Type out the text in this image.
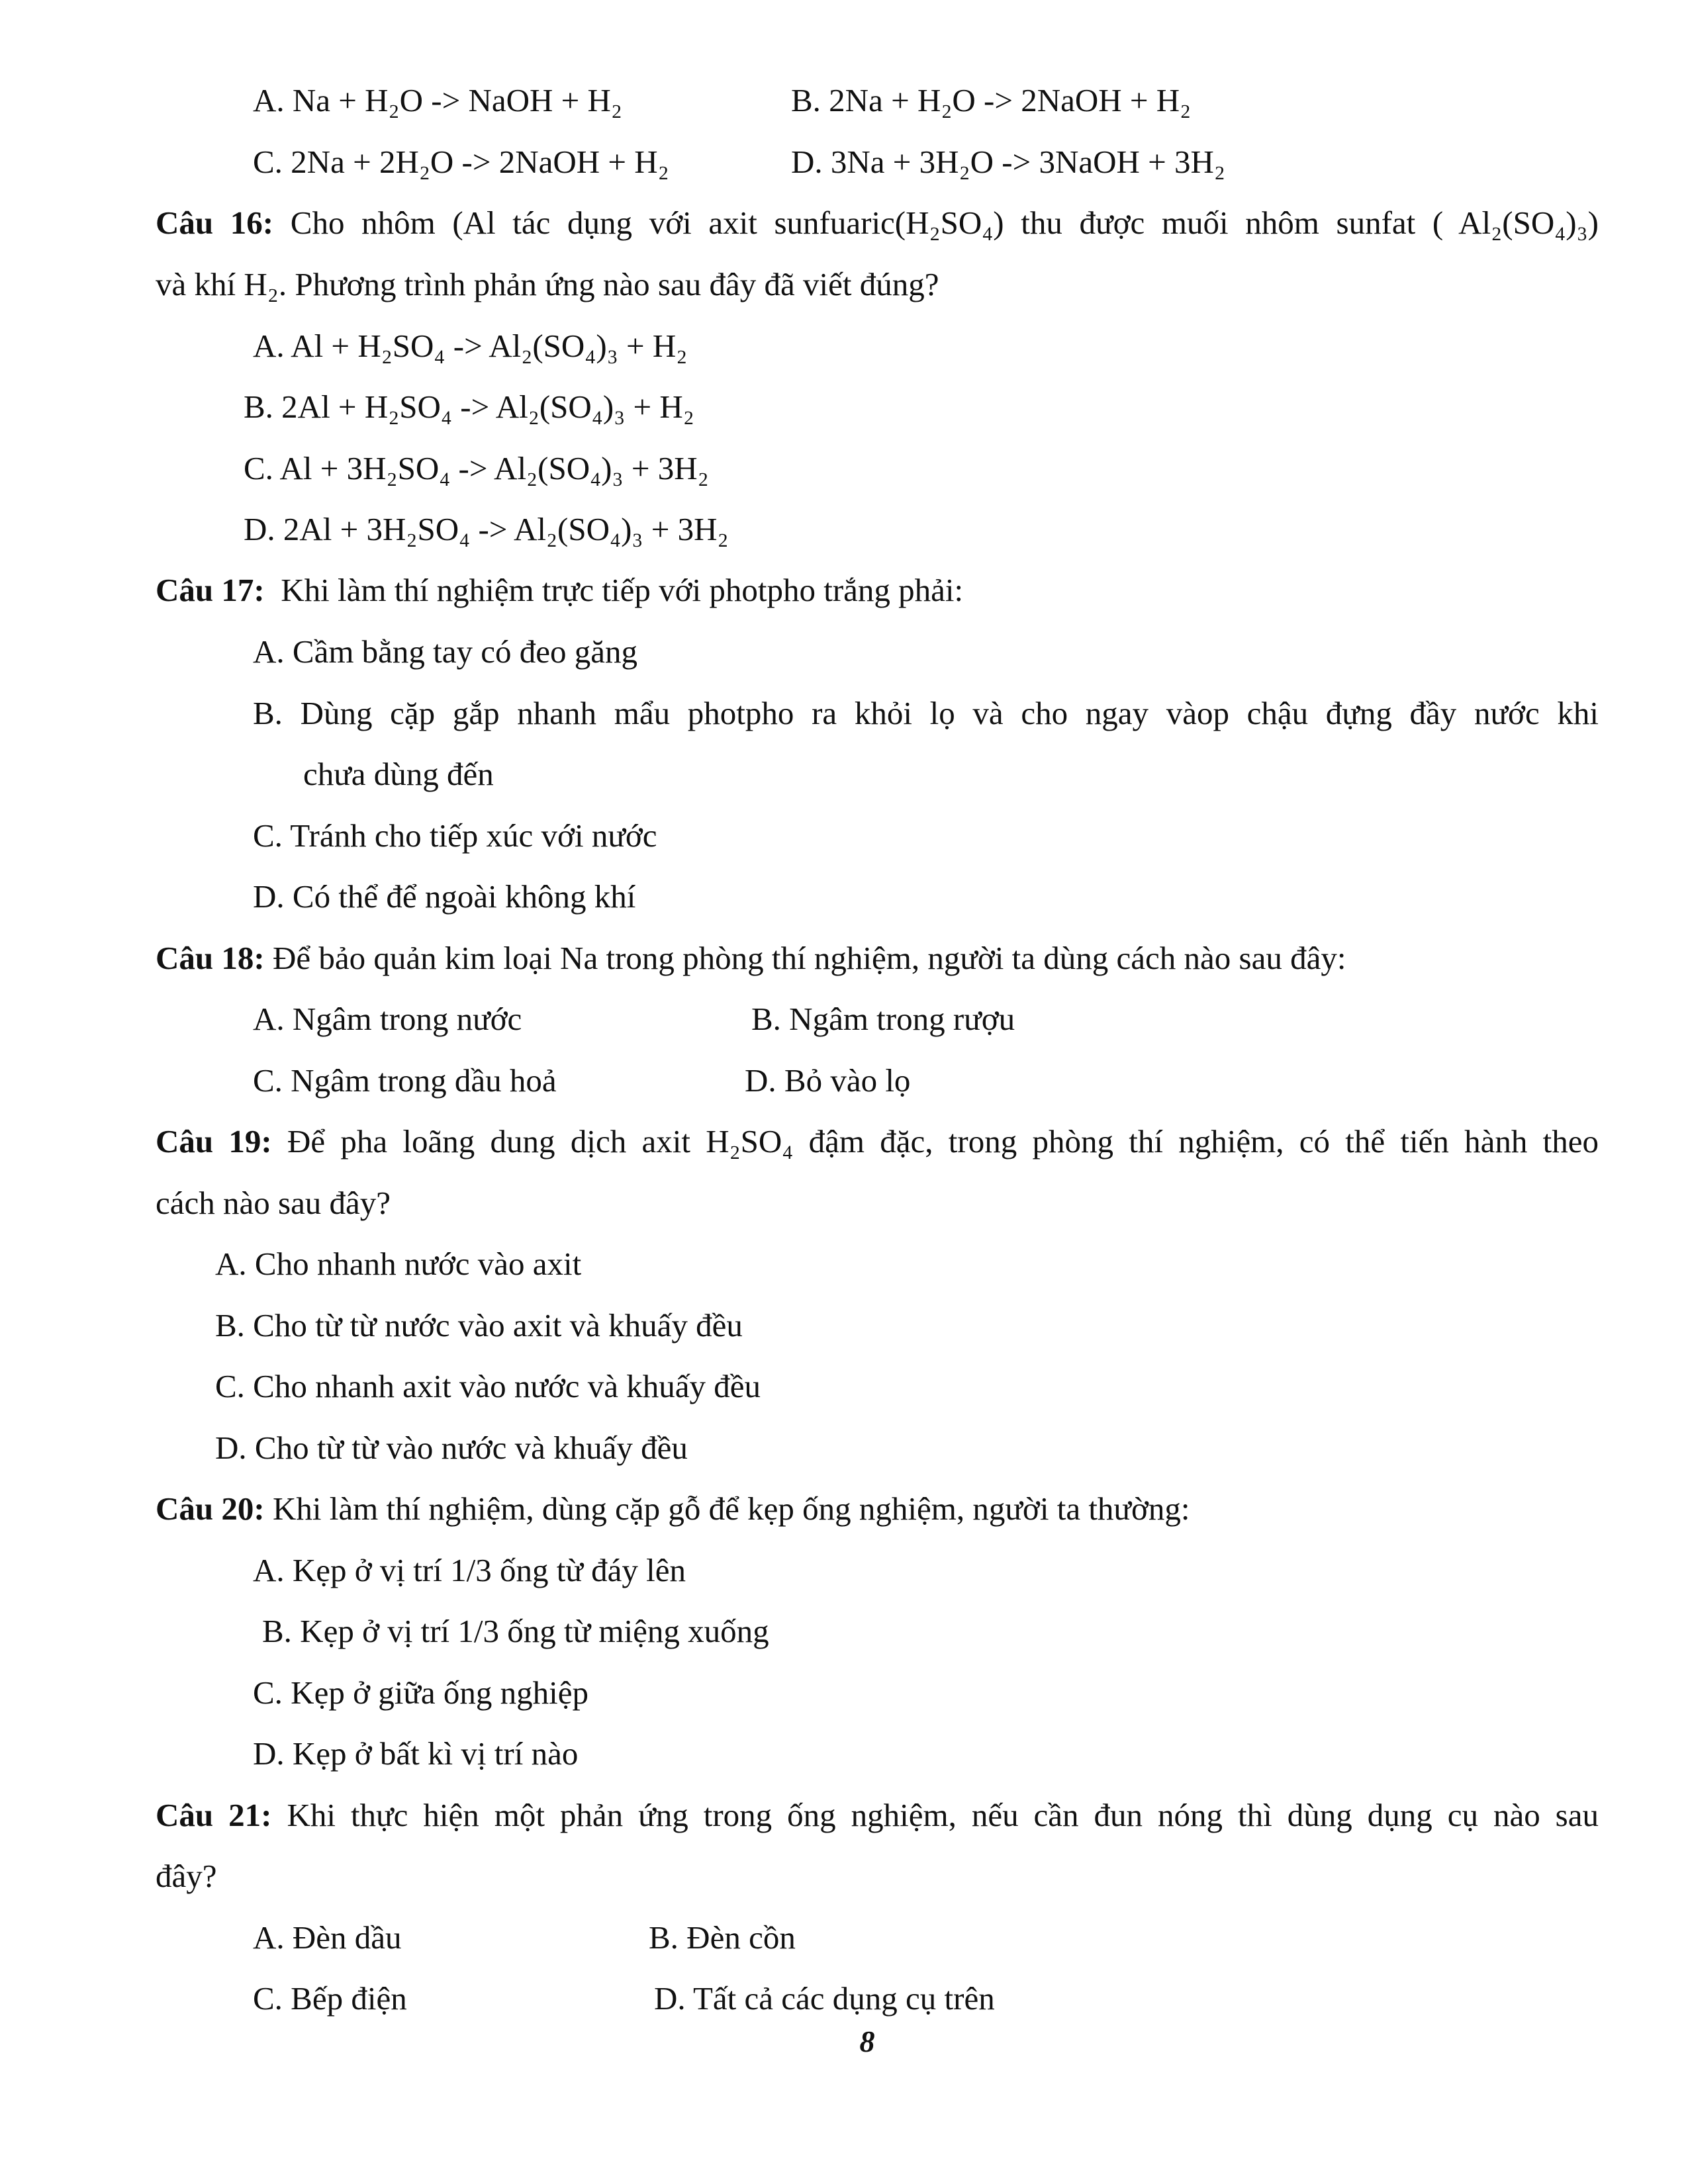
A. Na + H₂O -> NaOH + H₂	B. 2Na + H₂O -> 2NaOH + H₂
C. 2Na + 2H₂O -> 2NaOH + H₂	D. 3Na + 3H₂O -> 3NaOH + 3H₂
Câu 16: Cho nhôm (Al tác dụng với axit sunfuaric(H₂SO₄) thu được muối nhôm sunfat ( Al₂(SO₄)₃)
và khí H₂. Phương trình phản ứng nào sau đây đã viết đúng?
A. Al + H₂SO₄ -> Al₂(SO₄)₃ + H₂
B. 2Al + H₂SO₄ -> Al₂(SO₄)₃ + H₂
C. Al + 3H₂SO₄ -> Al₂(SO₄)₃ + 3H₂
D. 2Al + 3H₂SO₄ -> Al₂(SO₄)₃ + 3H₂
Câu 17: Khi làm thí nghiệm trực tiếp với photpho trắng phải:
A. Cầm bằng tay có đeo găng
B. Dùng cặp gắp nhanh mẩu photpho ra khỏi lọ và cho ngay vàop chậu đựng đầy nước khi
chưa dùng đến
C. Tránh cho tiếp xúc với nước
D. Có thể để ngoài không khí
Câu 18: Để bảo quản kim loại Na trong phòng thí nghiệm, người ta dùng cách nào sau đây:
A. Ngâm trong nước	B. Ngâm trong rượu
C. Ngâm trong dầu hoả	D. Bỏ vào lọ
Câu 19: Để pha loãng dung dịch axit H₂SO₄ đậm đặc, trong phòng thí nghiệm, có thể tiến hành theo
cách nào sau đây?
A. Cho nhanh nước vào axit
B. Cho từ từ nước vào axit và khuấy đều
C. Cho nhanh axit vào nước và khuấy đều
D. Cho từ từ vào nước và khuấy đều
Câu 20: Khi làm thí nghiệm, dùng cặp gỗ để kẹp ống nghiệm, người ta thường:
A. Kẹp ở vị trí 1/3 ống từ đáy lên
B. Kẹp ở vị trí 1/3 ống từ miệng xuống
C. Kẹp ở giữa ống nghiệp
D. Kẹp ở bất kì vị trí nào
Câu 21: Khi thực hiện một phản ứng trong ống nghiệm, nếu cần đun nóng thì dùng dụng cụ nào sau
đây?
A. Đèn dầu	B. Đèn cồn
C. Bếp điện	D. Tất cả các dụng cụ trên
8
